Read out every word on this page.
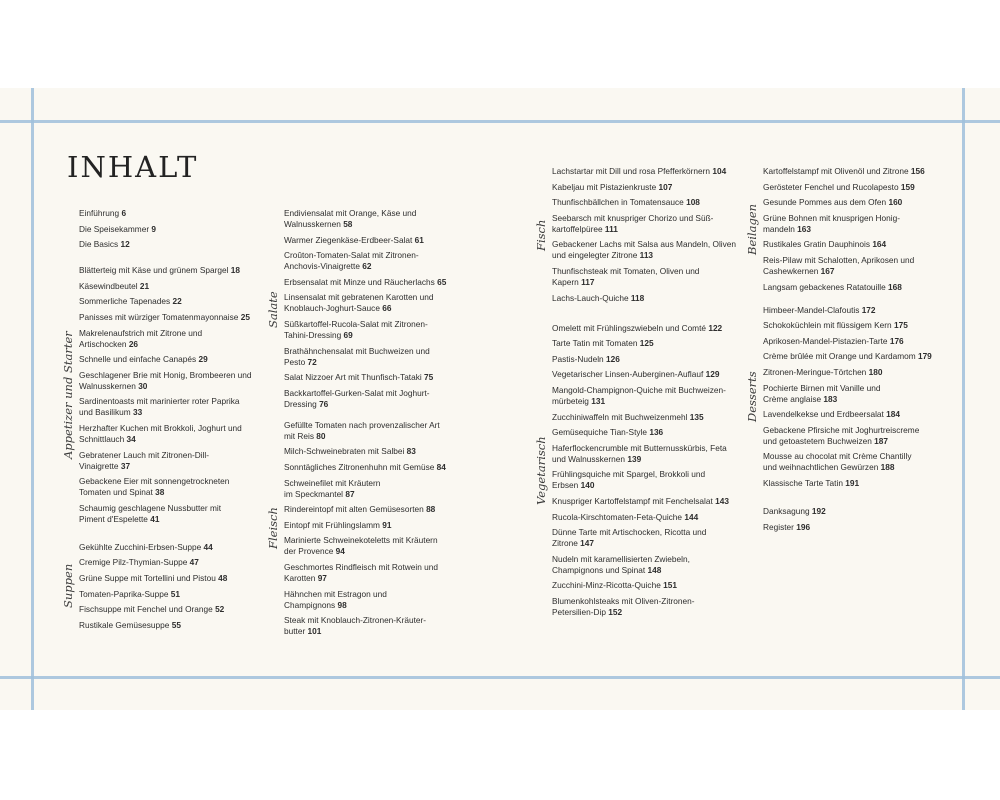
INHALT
Einführung 6
Die Speisekammer 9
Die Basics 12
Appetizer und Starter
Blätterteig mit Käse und grünem Spargel 18
Käsewindbeutel 21
Sommerliche Tapenades 22
Panisses mit würziger Tomatenmayonnaise 25
Makrelenaufstrich mit Zitrone und
Artischocken 26
Schnelle und einfache Canapés 29
Geschlagener Brie mit Honig, Brombeeren und
Walnusskernen 30
Sardinentoasts mit marinierter roter Paprika
und Basilikum 33
Herzhafter Kuchen mit Brokkoli, Joghurt und
Schnittlauch 34
Gebratener Lauch mit Zitronen-Dill-
Vinaigrette 37
Gebackene Eier mit sonnengetrockneten
Tomaten und Spinat 38
Schaumig geschlagene Nussbutter mit
Piment d'Espelette 41
Suppen
Gekühlte Zucchini-Erbsen-Suppe 44
Cremige Pilz-Thymian-Suppe 47
Grüne Suppe mit Tortellini und Pistou 48
Tomaten-Paprika-Suppe 51
Fischsuppe mit Fenchel und Orange 52
Rustikale Gemüsesuppe 55
Salate
Endiviensalat mit Orange, Käse und
Walnusskernen 58
Warmer Ziegenkäse-Erdbeer-Salat 61
Croûton-Tomaten-Salat mit Zitronen-
Anchovis-Vinaigrette 62
Erbsensalat mit Minze und Räucherlachs 65
Linsensalat mit gebratenen Karotten und
Knoblauch-Joghurt-Sauce 66
Süßkartoffel-Rucola-Salat mit Zitronen-
Tahini-Dressing 69
Brathähnchensalat mit Buchweizen und
Pesto 72
Salat Nizzoer Art mit Thunfisch-Tataki 75
Backkartoffel-Gurken-Salat mit Joghurt-
Dressing 76
Fleisch
Gefüllte Tomaten nach provenzalischer Art
mit Reis 80
Milch-Schweinebraten mit Salbei 83
Sonntägliches Zitronenhuhn mit Gemüse 84
Schweinefilet mit Kräutern
im Speckmantel 87
Rindereintopf mit alten Gemüsesorten 88
Eintopf mit Frühlingslamm 91
Marinierte Schweinekoteletts mit Kräutern
der Provence 94
Geschmortes Rindfleisch mit Rotwein und
Karotten 97
Hähnchen mit Estragon und
Champignons 98
Steak mit Knoblauch-Zitronen-Kräuter-
butter 101
Fisch
Lachstartar mit Dill und rosa Pfefferkörnern 104
Kabeljau mit Pistazienkruste 107
Thunfischbällchen in Tomatensauce 108
Seebarsch mit knuspriger Chorizo und Süß-
kartoffelpüree 111
Gebackener Lachs mit Salsa aus Mandeln, Oliven
und eingelegter Zitrone 113
Thunfischsteak mit Tomaten, Oliven und
Kapern 117
Lachs-Lauch-Quiche 118
Vegetarisch
Omelett mit Frühlingszwiebeln und Comté 122
Tarte Tatin mit Tomaten 125
Pastis-Nudeln 126
Vegetarischer Linsen-Auberginen-Auflauf 129
Mangold-Champignon-Quiche mit Buchweizen-
mürbeteig 131
Zucchiniwaffeln mit Buchweizenmehl 135
Gemüsequiche Tian-Style 136
Haferflockencrumble mit Butternusskürbis, Feta
und Walnusskernen 139
Frühlingsquiche mit Spargel, Brokkoli und
Erbsen 140
Knuspriger Kartoffelstampf mit Fenchelsalat 143
Rucola-Kirschtomaten-Feta-Quiche 144
Dünne Tarte mit Artischocken, Ricotta und
Zitrone 147
Nudeln mit karamellisierten Zwiebeln,
Champignons und Spinat 148
Zucchini-Minz-Ricotta-Quiche 151
Blumenkohlsteaks mit Oliven-Zitronen-
Petersilien-Dip 152
Beilagen
Kartoffelstampf mit Olivenöl und Zitrone 156
Gerösteter Fenchel und Rucolapesto 159
Gesunde Pommes aus dem Ofen 160
Grüne Bohnen mit knusprigen Honig-
mandeln 163
Rustikales Gratin Dauphinois 164
Reis-Pilaw mit Schalotten, Aprikosen und
Cashewkernen 167
Langsam gebackenes Ratatouille 168
Desserts
Himbeer-Mandel-Clafoutis 172
Schokoküchlein mit flüssigem Kern 175
Aprikosen-Mandel-Pistazien-Tarte 176
Crème brûlée mit Orange und Kardamom 179
Zitronen-Meringue-Törtchen 180
Pochierte Birnen mit Vanille und
Crème anglaise 183
Lavendelkekse und Erdbeersalat 184
Gebackene Pfirsiche mit Joghurtreiscreme
und getoastetem Buchweizen 187
Mousse au chocolat mit Crème Chantilly
und weihnachtlichen Gewürzen 188
Klassische Tarte Tatin 191
Danksagung 192
Register 196
